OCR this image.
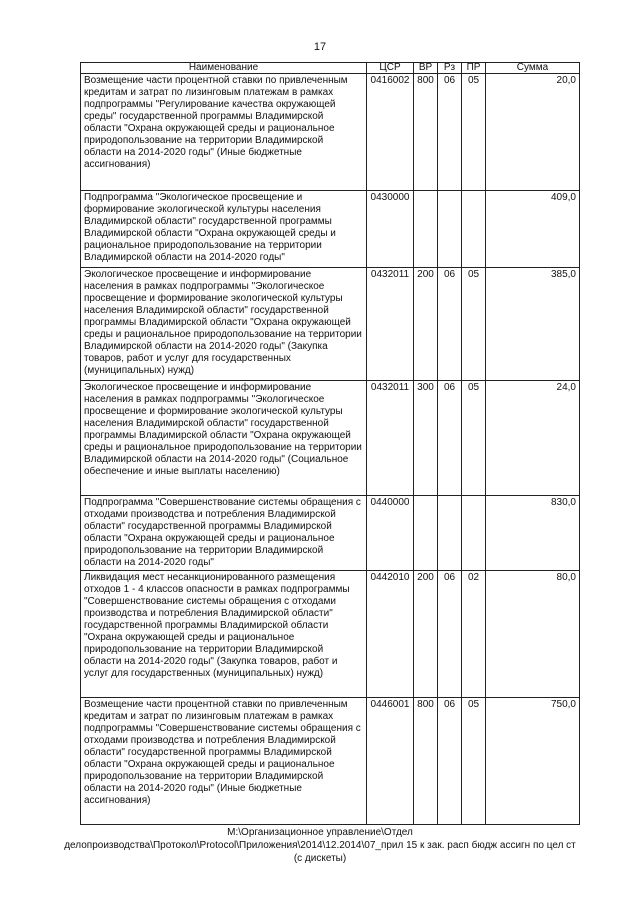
17
Наименование	ЦСР	ВР	Рз	ПР	Сумма
Возмещение части процентной ставки по привлеченным кредитам и затрат по лизинговым платежам в рамках подпрограммы "Регулирование качества окружающей среды" государственной программы Владимирской области "Охрана окружающей среды и рациональное природопользование на территории Владимирской области на 2014-2020 годы" (Иные бюджетные ассигнования)	0416002	800	06	05	20,0
Подпрограмма "Экологическое просвещение и формирование экологической культуры населения Владимирской области" государственной программы Владимирской области "Охрана окружающей среды и рациональное природопользование на территории Владимирской области на 2014-2020 годы"	0430000				409,0
Экологическое просвещение и информирование населения в рамках подпрограммы "Экологическое просвещение и формирование экологической культуры населения Владимирской области" государственной программы Владимирской области "Охрана окружающей среды и рациональное природопользование на территории Владимирской области на 2014-2020 годы" (Закупка товаров, работ и услуг для государственных (муниципальных) нужд)	0432011	200	06	05	385,0
Экологическое просвещение и информирование населения в рамках подпрограммы "Экологическое просвещение и формирование экологической культуры населения Владимирской области" государственной программы Владимирской области "Охрана окружающей среды и рациональное природопользование на территории Владимирской области на 2014-2020 годы" (Социальное обеспечение и иные выплаты населению)	0432011	300	06	05	24,0
Подпрограмма "Совершенствование системы обращения с отходами производства и потребления Владимирской области" государственной программы Владимирской области "Охрана окружающей среды и рациональное природопользование на территории Владимирской области на 2014-2020 годы"	0440000				830,0
Ликвидация мест несанкционированного размещения отходов 1 - 4 классов опасности в рамках подпрограммы "Совершенствование системы обращения с отходами производства и потребления Владимирской области" государственной программы Владимирской области "Охрана окружающей среды и рациональное природопользование на территории Владимирской области на 2014-2020 годы" (Закупка товаров, работ и услуг для государственных (муниципальных) нужд)	0442010	200	06	02	80,0
Возмещение части процентной ставки по привлеченным кредитам и затрат по лизинговым платежам в рамках подпрограммы "Совершенствование системы обращения с отходами производства и потребления Владимирской области" государственной программы Владимирской области "Охрана окружающей среды и рациональное природопользование на территории Владимирской области на 2014-2020 годы" (Иные бюджетные ассигнования)	0446001	800	06	05	750,0
M:\Организационное управление\Отдел
делопроизводства\Протокол\Protocol\Приложения\2014\12.2014\07_прил 15 к зак. расп бюдж ассигн по цел ст
(с дискеты)
